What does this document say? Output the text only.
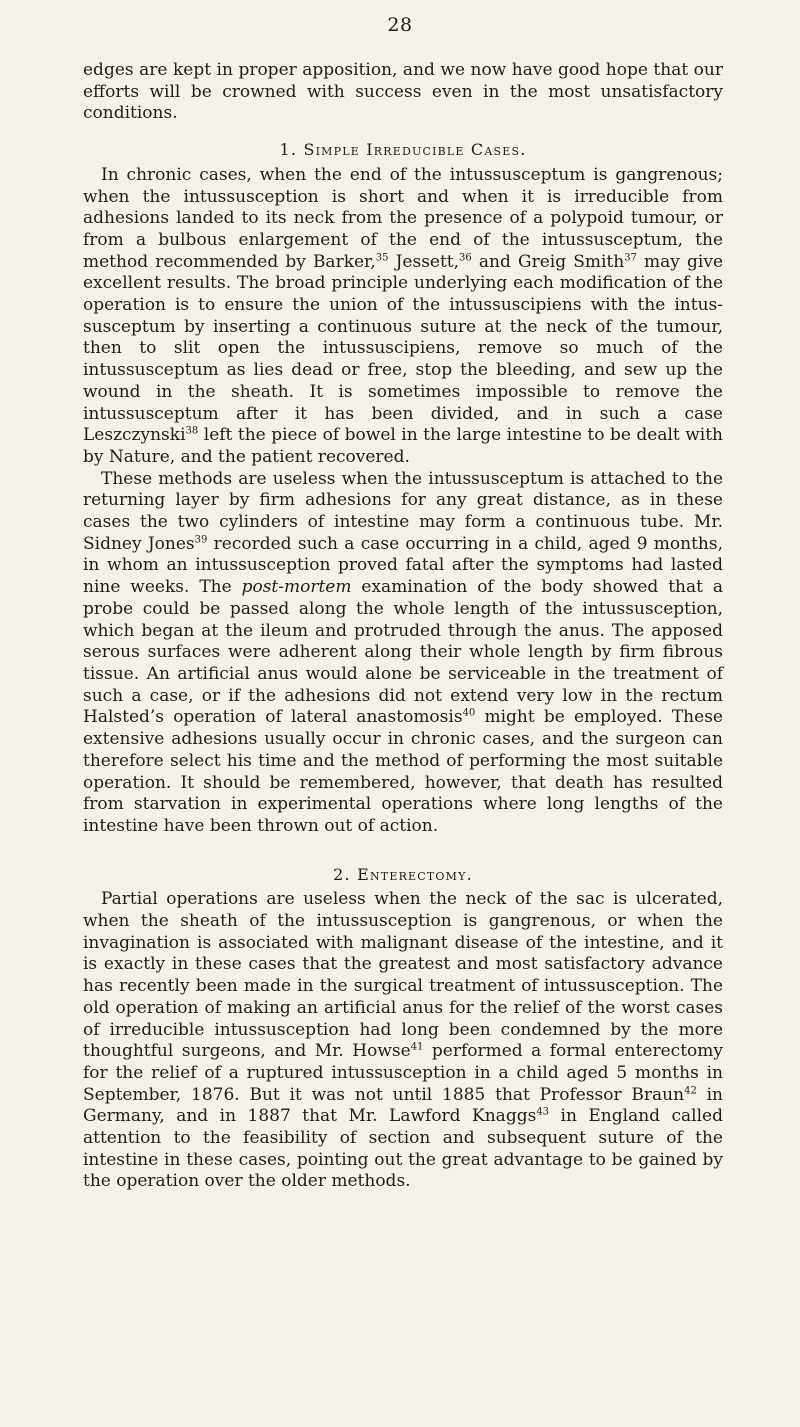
28

edges are kept in proper apposition, and we now have good hope that our efforts will be crowned with success even in the most unsatisfactory conditions.

1. Simple Irreducible Cases.

In chronic cases, when the end of the intussusceptum is gangrenous; when the intussusception is short and when it is irreducible from adhesions landed to its neck from the presence of a polypoid tumour, or from a bulbous enlargement of the end of the intussusceptum, the method recommended by Barker,$^{35}$ Jessett,$^{36}$ and Greig Smith$^{37}$ may give excellent results. The broad principle underlying each modification of the operation is to ensure the union of the intussuscipiens with the intussusceptum by inserting a continuous suture at the neck of the tumour, then to slit open the intussuscipiens, remove so much of the intussusceptum as lies dead or free, stop the bleeding, and sew up the wound in the sheath. It is sometimes impossible to remove the intussusceptum after it has been divided, and in such a case Leszczynski$^{38}$ left the piece of bowel in the large intestine to be dealt with by Nature, and the patient recovered.

These methods are useless when the intussusceptum is attached to the returning layer by firm adhesions for any great distance, as in these cases the two cylinders of intestine may form a continuous tube. Mr. Sidney Jones$^{39}$ recorded such a case occurring in a child, aged 9 months, in whom an intussusception proved fatal after the symptoms had lasted nine weeks. The post-mortem examination of the body showed that a probe could be passed along the whole length of the intussusception, which began at the ileum and protruded through the anus. The apposed serous surfaces were adherent along their whole length by firm fibrous tissue. An artificial anus would alone be serviceable in the treatment of such a case, or if the adhesions did not extend very low in the rectum Halsted’s operation of lateral anastomosis$^{40}$ might be employed. These extensive adhesions usually occur in chronic cases, and the surgeon can therefore select his time and the method of performing the most suitable operation. It should be remembered, however, that death has resulted from starvation in experimental operations where long lengths of the intestine have been thrown out of action.

2. Enterectomy.

Partial operations are useless when the neck of the sac is ulcerated, when the sheath of the intussusception is gangrenous, or when the invagination is associated with malignant disease of the intestine, and it is exactly in these cases that the greatest and most satisfactory advance has recently been made in the surgical treatment of intussusception. The old operation of making an artificial anus for the relief of the worst cases of irreducible intussusception had long been condemned by the more thoughtful surgeons, and Mr. Howse$^{41}$ performed a formal enterectomy for the relief of a ruptured intussusception in a child aged 5 months in September, 1876. But it was not until 1885 that Professor Braun$^{42}$ in Germany, and in 1887 that Mr. Lawford Knaggs$^{43}$ in England called attention to the feasibility of section and subsequent suture of the intestine in these cases, pointing out the great advantage to be gained by the operation over the older methods.
